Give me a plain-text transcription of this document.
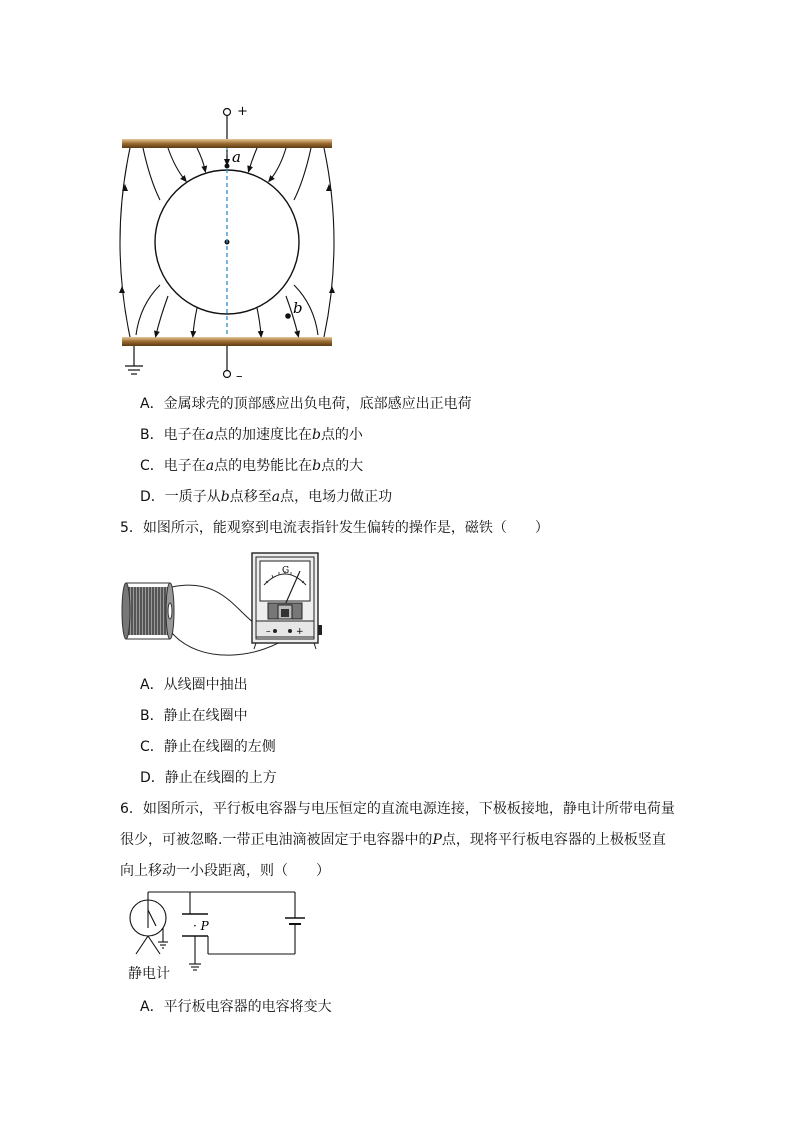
+
a
b
–
A．金属球壳的顶部感应出负电荷，底部感应出正电荷
B．电子在a点的加速度比在b点的小
C．电子在a点的电势能比在b点的大
D．一质子从b点移至a点，电场力做正功
5．如图所示，能观察到电流表指针发生偏转的操作是，磁铁（　　）
G
–	+
A．从线圈中抽出
B．静止在线圈中
C．静止在线圈的左侧
D．静止在线圈的上方
6．如图所示，平行板电容器与电压恒定的直流电源连接，下极板接地，静电计所带电荷量
很少，可被忽略.一带正电油滴被固定于电容器中的P点，现将平行板电容器的上极板竖直
向上移动一小段距离，则（　　）
· P
静电计
A．平行板电容器的电容将变大
